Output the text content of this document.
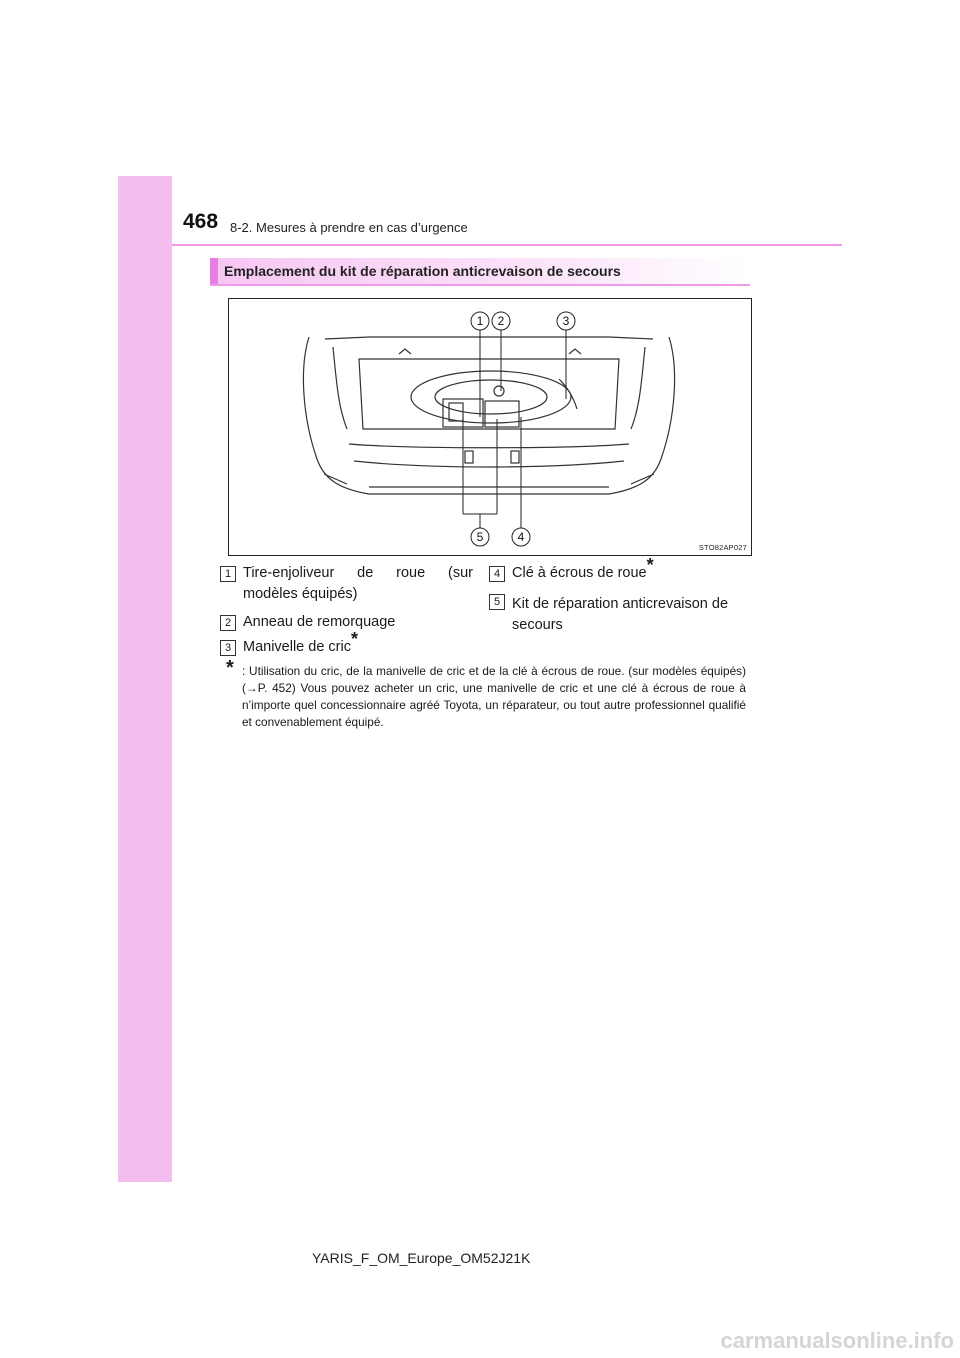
468 8-2. Mesures à prendre en cas d’urgence
Emplacement du kit de réparation anticrevaison de secours
1 2	3
4
5
STO82AP027
1 Tire-enjoliveur de roue (sur
modèles équipés)
2 Anneau de remorquage
3 Manivelle de cric*
4 Clé à écrous de roue*
5 Kit de réparation anticrevaison de
secours
* : Utilisation du cric, de la manivelle de cric et de la clé à écrous de roue. (sur modèles équipés) (→P. 452) Vous pouvez acheter un cric, une manivelle de cric et une clé à écrous de roue à n’importe quel concessionnaire agréé Toyota, un réparateur, ou tout autre professionnel qualifié et convenablement équipé.
YARIS_F_OM_Europe_OM52J21K
carmanualsonline.info
